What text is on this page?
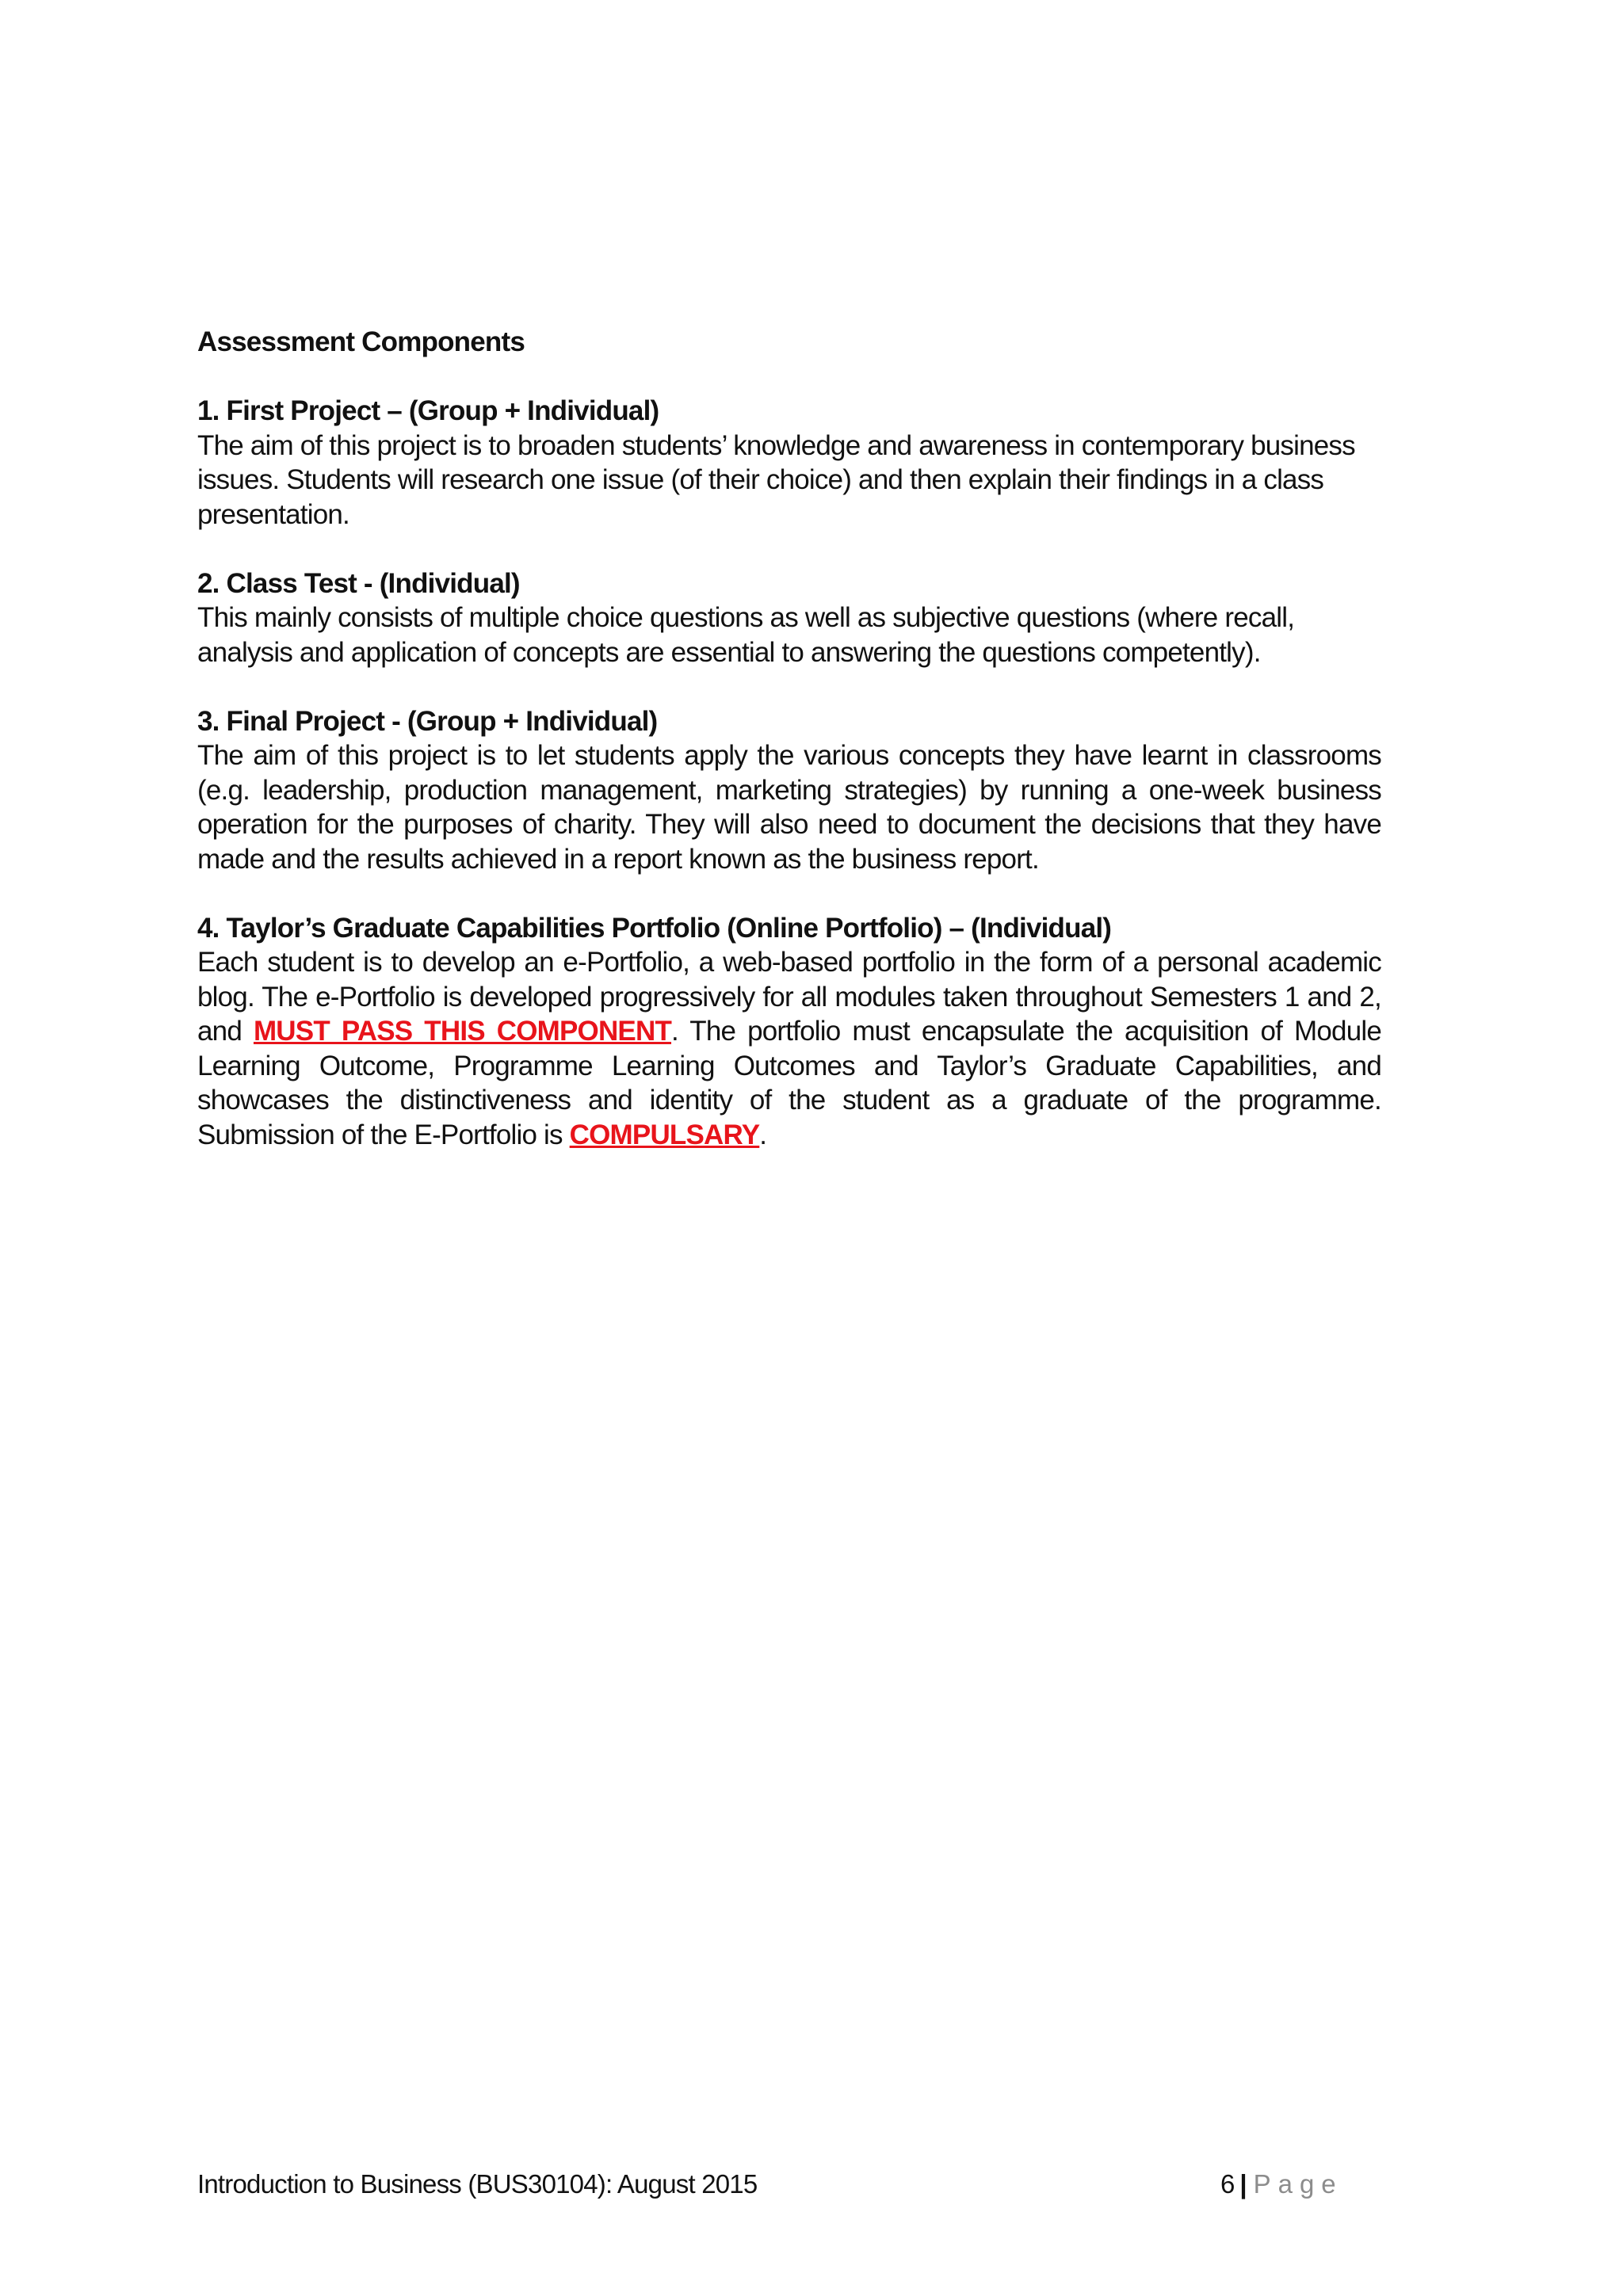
Assessment Components

1. First Project – (Group + Individual)

The aim of this project is to broaden students’ knowledge and awareness in contemporary business issues. Students will research one issue (of their choice) and then explain their findings in a class presentation.

2. Class Test - (Individual)

This mainly consists of multiple choice questions as well as subjective questions (where recall, analysis and application of concepts are essential to answering the questions competently).

3. Final Project - (Group + Individual)

The aim of this project is to let students apply the various concepts they have learnt in classrooms (e.g. leadership, production management, marketing strategies) by running a one-week business operation for the purposes of charity. They will also need to document the decisions that they have made and the results achieved in a report known as the business report.

4. Taylor’s Graduate Capabilities Portfolio (Online Portfolio) – (Individual)

Each student is to develop an e-Portfolio, a web-based portfolio in the form of a personal academic blog. The e-Portfolio is developed progressively for all modules taken throughout Semesters 1 and 2, and MUST PASS THIS COMPONENT. The portfolio must encapsulate the acquisition of Module Learning Outcome, Programme Learning Outcomes and Taylor’s Graduate Capabilities, and showcases the distinctiveness and identity of the student as a graduate of the programme. Submission of the E-Portfolio is COMPULSARY.

Introduction to Business (BUS30104): August 2015	6 | Page
